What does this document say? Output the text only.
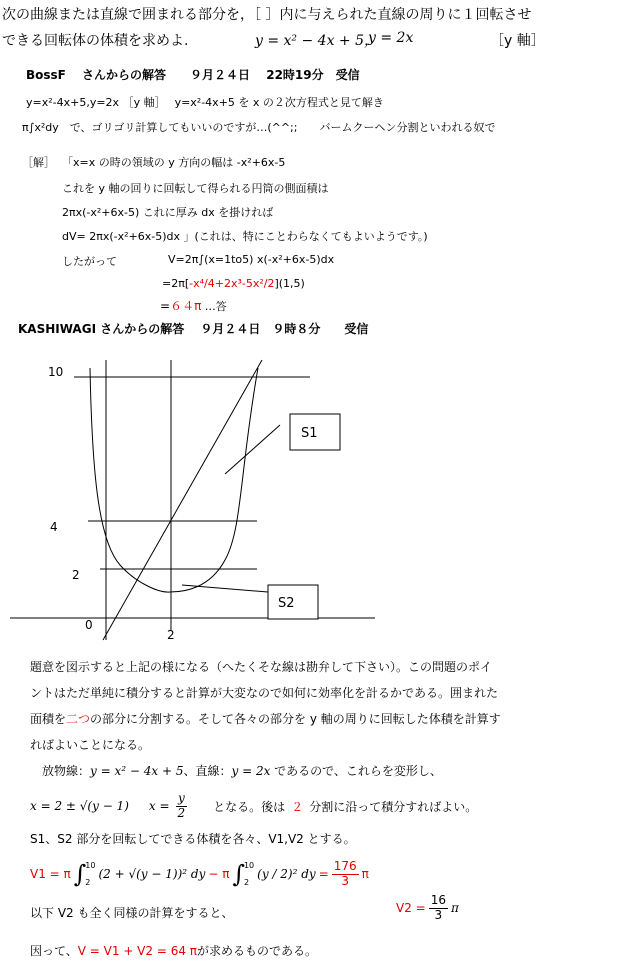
次の曲線または直線で囲まれる部分を，［ ］内に与えられた直線の周りに１回転させ
できる回転体の体積を求めよ.	y = x² − 4x + 5，
y = 2x	［y 軸］
BossF　 さんからの解答　　９月２４日　 22時19分　受信
y=x²-4x+5,y=2x ［y 軸］　 y=x²-4x+5 を x の２次方程式と見て解き
π∫x²dy　で、ゴリゴリ計算してもいいのですが…(^^;;　　バームクーヘン分割といわれる奴で
［解］ 「x=x の時の領域の y 方向の幅は -x²+6x-5
これを y 軸の回りに回転して得られる円筒の側面積は
2πx(-x²+6x-5) これに厚み dx を掛ければ
dV= 2πx(-x²+6x-5)dx 」(これは、特にことわらなくてもよいようです。)
したがって	V=2π∫(x=1to5) x(-x²+6x-5)dx
=2π[-x⁴/4+2x³-5x²/2](1,5)
=６４π …答
KASHIWAGI さんからの解答　 ９月２４日　９時８分　　受信
10
4
2
0
2
S1
S2
題意を図示すると上記の様になる（へたくそな線は勘弁して下さい）。この問題のポイ
ントはただ単純に積分すると計算が大変なので如何に効率化を計るかである。囲まれた
面積を二つの部分に分割する。そして各々の部分を y 軸の周りに回転した体積を計算す
ればよいことになる。
放物線：y = x² − 4x + 5、直線：y = 2x であるので、これらを変形し、
x = 2 ± √(y − 1) $x = \frac{y}{2}$ となる。後は ２ 分割に沿って積分すればよい。
S1、S2 部分を回転してできる体積を各々、V1,V2 とする。
V1 = π ∫ 10
2
(2 + √(y − 1))² dy − π ∫ 10
2
(y / 2)² dy = $\frac{176}{3}$ π
以下 V2 も全く同様の計算をすると、	$V2 = \frac{16}{3}$ π
因って、V = V1 + V2 = 64 πが求めるものである。
